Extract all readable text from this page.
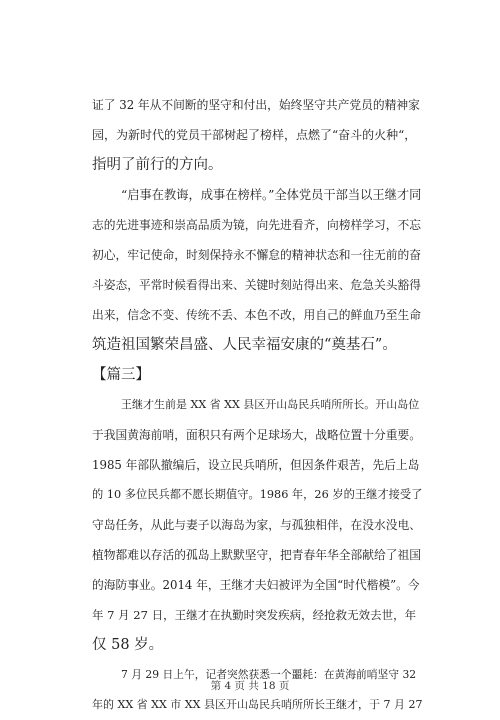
证了 32 年从不间断的坚守和付出，始终坚守共产党员的精神家
园，为新时代的党员干部树起了榜样，点燃了“奋斗的火种“，
指明了前行的方向。

“启事在教诲，成事在榜样。”全体党员干部当以王继才同
志的先进事迹和崇高品质为镜，向先进看齐，向榜样学习，不忘
初心，牢记使命，时刻保持永不懈怠的精神状态和一往无前的奋
斗姿态，平常时候看得出来、关键时刻站得出来、危急关头豁得
出来，信念不变、传统不丢、本色不改，用自己的鲜血乃至生命
筑造祖国繁荣昌盛、人民幸福安康的“奠基石”。

【篇三】

王继才生前是 XX 省 XX 县区开山岛民兵哨所所长。开山岛位
于我国黄海前哨，面积只有两个足球场大，战略位置十分重要。
1985 年部队撤编后，设立民兵哨所，但因条件艰苦，先后上岛
的 10 多位民兵都不愿长期值守。1986 年，26 岁的王继才接受了
守岛任务，从此与妻子以海岛为家，与孤独相伴，在没水没电、
植物都难以存活的孤岛上默默坚守，把青春年华全部献给了祖国
的海防事业。2014 年，王继才夫妇被评为全国“时代楷模”。今
年 7 月 27 日，王继才在执勤时突发疾病，经抢救无效去世，年
仅 58 岁。

7 月 29 日上午，记者突然获悉一个噩耗：在黄海前哨坚守 32
年的 XX 省 XX 市 XX 县区开山岛民兵哨所所长王继才，于 7 月 27

第 4 页 共 18 页
